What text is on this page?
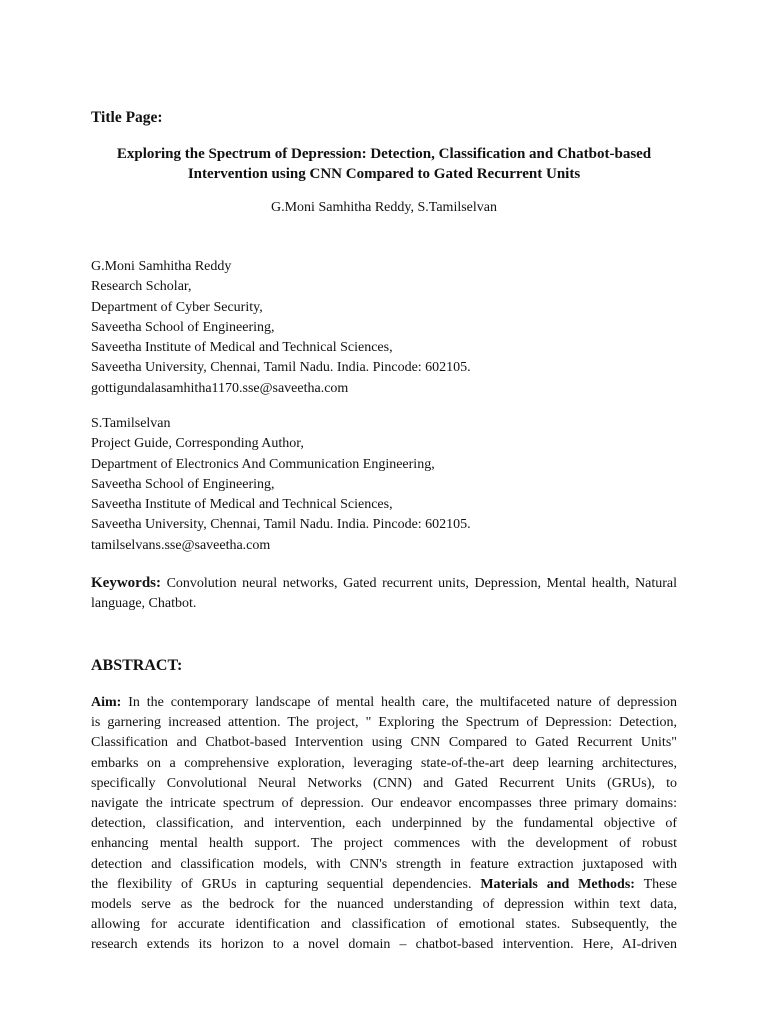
Title Page:

Exploring the Spectrum of Depression: Detection, Classification and Chatbot-based
Intervention using CNN Compared to Gated Recurrent Units

G.Moni Samhitha Reddy, S.Tamilselvan

G.Moni Samhitha Reddy
Research Scholar,
Department of Cyber Security,
Saveetha School of Engineering,
Saveetha Institute of Medical and Technical Sciences,
Saveetha University, Chennai, Tamil Nadu. India. Pincode: 602105.
gottigundalasamhitha1170.sse@saveetha.com
S.Tamilselvan
Project Guide, Corresponding Author,
Department of Electronics And Communication Engineering,
Saveetha School of Engineering,
Saveetha Institute of Medical and Technical Sciences,
Saveetha University, Chennai, Tamil Nadu. India. Pincode: 602105.
tamilselvans.sse@saveetha.com

Keywords: Convolution neural networks, Gated recurrent units, Depression, Mental health, Natural language, Chatbot.

ABSTRACT:
Aim: In the contemporary landscape of mental health care, the multifaceted nature of depression
is garnering increased attention. The project, " Exploring the Spectrum of Depression: Detection,
Classification and Chatbot-based Intervention using CNN Compared to Gated Recurrent Units"
embarks on a comprehensive exploration, leveraging state-of-the-art deep learning architectures,
specifically Convolutional Neural Networks (CNN) and Gated Recurrent Units (GRUs), to
navigate the intricate spectrum of depression. Our endeavor encompasses three primary domains:
detection, classification, and intervention, each underpinned by the fundamental objective of
enhancing mental health support. The project commences with the development of robust
detection and classification models, with CNN's strength in feature extraction juxtaposed with
the flexibility of GRUs in capturing sequential dependencies. Materials and Methods: These
models serve as the bedrock for the nuanced understanding of depression within text data,
allowing for accurate identification and classification of emotional states. Subsequently, the
research extends its horizon to a novel domain – chatbot-based intervention. Here, AI-driven
